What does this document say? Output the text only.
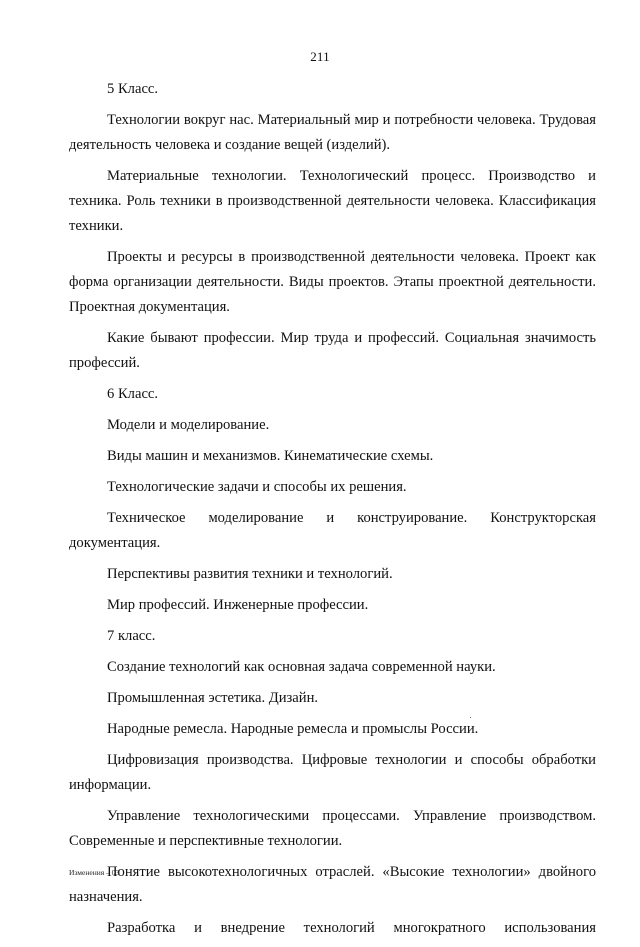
211

5 Класс.

Технологии вокруг нас. Материальный мир и потребности человека. Трудовая деятельность человека и создание вещей (изделий).

Материальные технологии. Технологический процесс. Производство и техника. Роль техники в производственной деятельности человека. Классификация техники.

Проекты и ресурсы в производственной деятельности человека. Проект как форма организации деятельности. Виды проектов. Этапы проектной деятельности. Проектная документация.

Какие бывают профессии. Мир труда и профессий. Социальная значимость профессий.

6 Класс.

Модели и моделирование.

Виды машин и механизмов. Кинематические схемы.

Технологические задачи и способы их решения.

Техническое моделирование и конструирование. Конструкторская документация.

Перспективы развития техники и технологий.

Мир профессий. Инженерные профессии.

7 класс.

Создание технологий как основная задача современной науки.

Промышленная эстетика. Дизайн.

Народные ремесла. Народные ремесла и промыслы России.

Цифровизация производства. Цифровые технологии и способы обработки информации.

Управление технологическими процессами. Управление производством. Современные и перспективные технологии.

Понятие высокотехнологичных отраслей. «Высокие технологии» двойного назначения.

Разработка и внедрение технологий многократного использования

Изменения – 03
